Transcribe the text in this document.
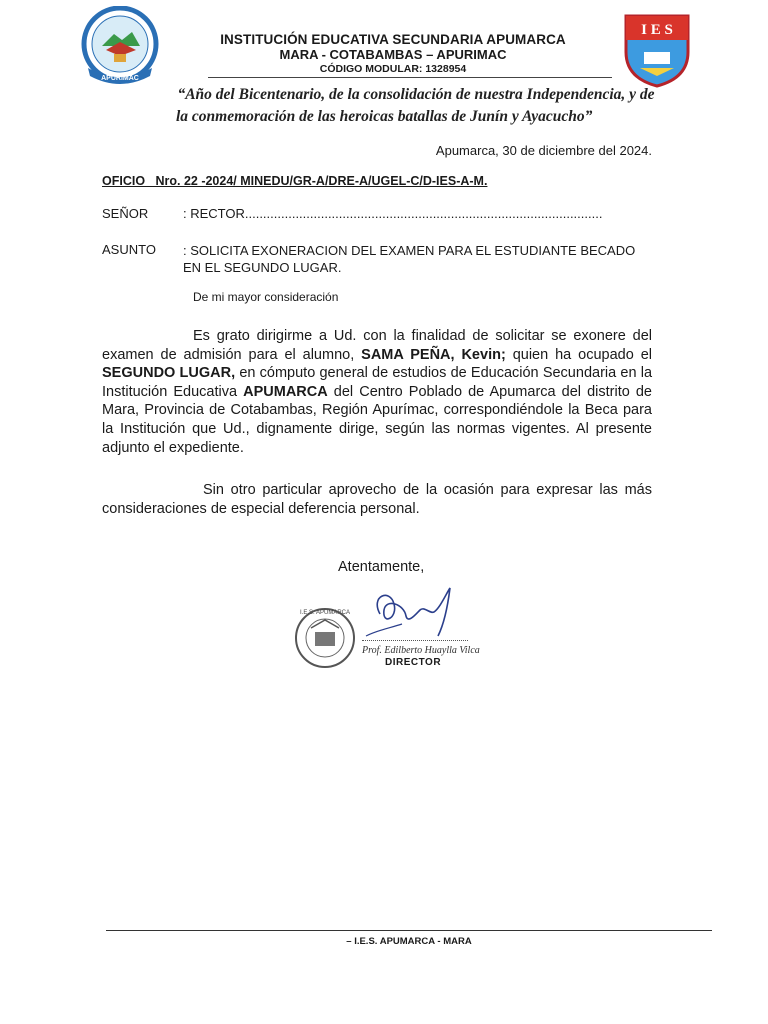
APURIMAC
I E S
INSTITUCIÓN EDUCATIVA SECUNDARIA APUMARCA
MARA - COTABAMBAS – APURIMAC
CÓDIGO MODULAR: 1328954
“Año del Bicentenario, de la consolidación de nuestra Independencia, y de
la conmemoración de las heroicas batallas de Junín y Ayacucho”
Apumarca, 30 de diciembre del 2024.
OFICIO   Nro. 22 -2024/ MINEDU/GR-A/DRE-A/UGEL-C/D-IES-A-M.
SEÑOR	: RECTOR...................................................................................................
ASUNTO : SOLICITA EXONERACION DEL EXAMEN PARA EL ESTUDIANTE BECADO EN EL SEGUNDO LUGAR.
De mi mayor consideración
Es grato dirigirme a Ud. con la finalidad de solicitar se exonere del examen de admisión para el alumno, SAMA PEÑA, Kevin; quien ha ocupado el SEGUNDO LUGAR, en cómputo general de estudios de Educación Secundaria en la Institución Educativa APUMARCA del Centro Poblado de Apumarca del distrito de Mara, Provincia de Cotabambas, Región Apurímac, correspondiéndole la Beca para la Institución que Ud., dignamente dirige, según las normas vigentes. Al presente adjunto el expediente.
Sin otro particular aprovecho de la ocasión para expresar las más consideraciones de especial deferencia personal.
Atentamente,
I.E.S. APUMARCA
Prof. Edilberto Huaylla Vilca
DIRECTOR
– I.E.S. APUMARCA - MARA
